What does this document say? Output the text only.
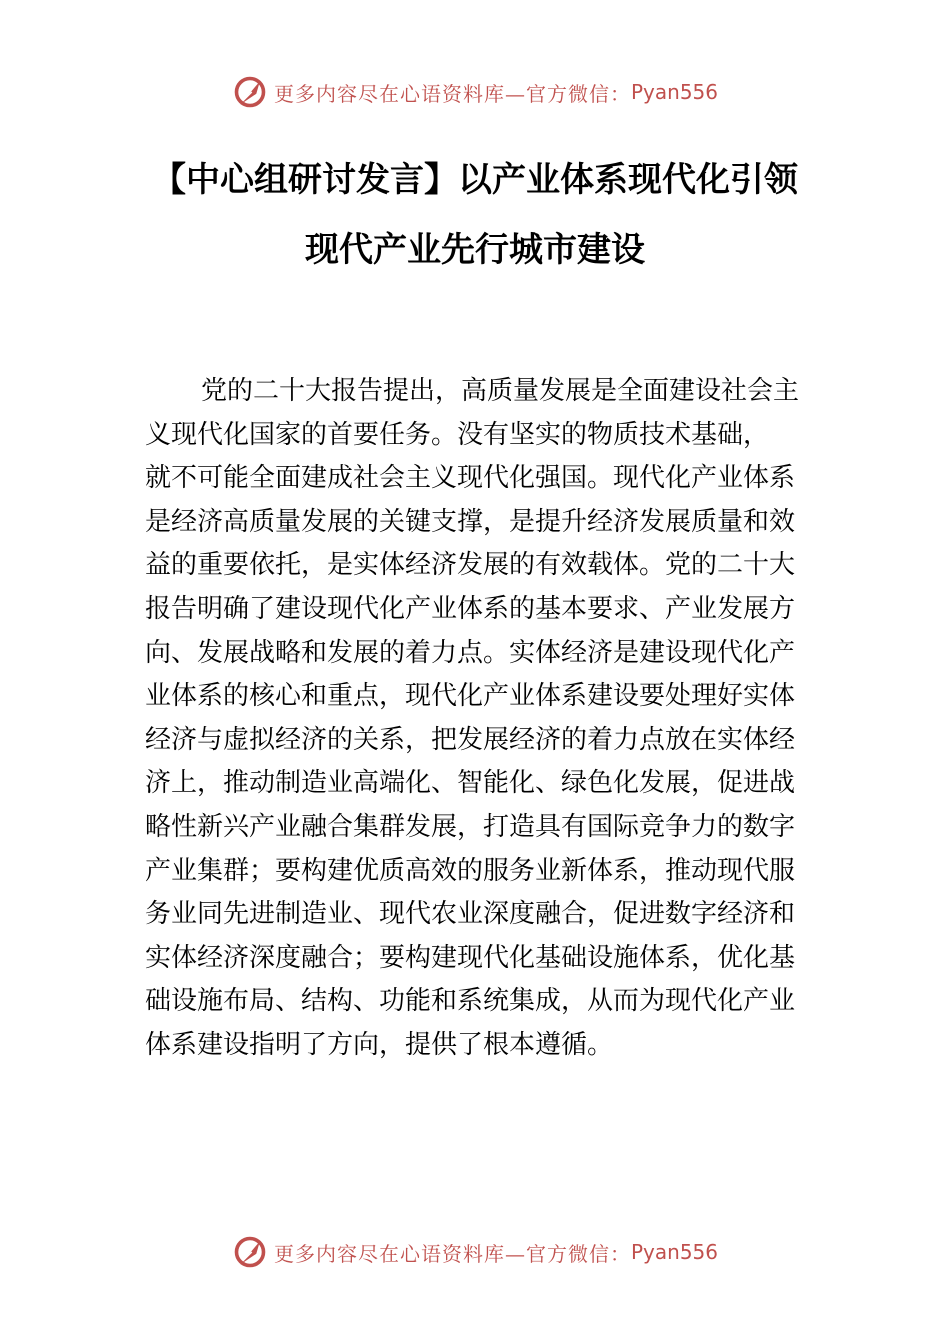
更多内容尽在心语资料库—官方微信： Pyan556
【中心组研讨发言】以产业体系现代化引领
现代产业先行城市建设
党的二十大报告提出，高质量发展是全面建设社会主
义现代化国家的首要任务。没有坚实的物质技术基础，
就不可能全面建成社会主义现代化强国。现代化产业体系
是经济高质量发展的关键支撑，是提升经济发展质量和效
益的重要依托，是实体经济发展的有效载体。党的二十大
报告明确了建设现代化产业体系的基本要求、产业发展方
向、发展战略和发展的着力点。实体经济是建设现代化产
业体系的核心和重点，现代化产业体系建设要处理好实体
经济与虚拟经济的关系，把发展经济的着力点放在实体经
济上，推动制造业高端化、智能化、绿色化发展，促进战
略性新兴产业融合集群发展，打造具有国际竞争力的数字
产业集群；要构建优质高效的服务业新体系，推动现代服
务业同先进制造业、现代农业深度融合，促进数字经济和
实体经济深度融合；要构建现代化基础设施体系，优化基
础设施布局、结构、功能和系统集成，从而为现代化产业
体系建设指明了方向，提供了根本遵循。
更多内容尽在心语资料库—官方微信： Pyan556
